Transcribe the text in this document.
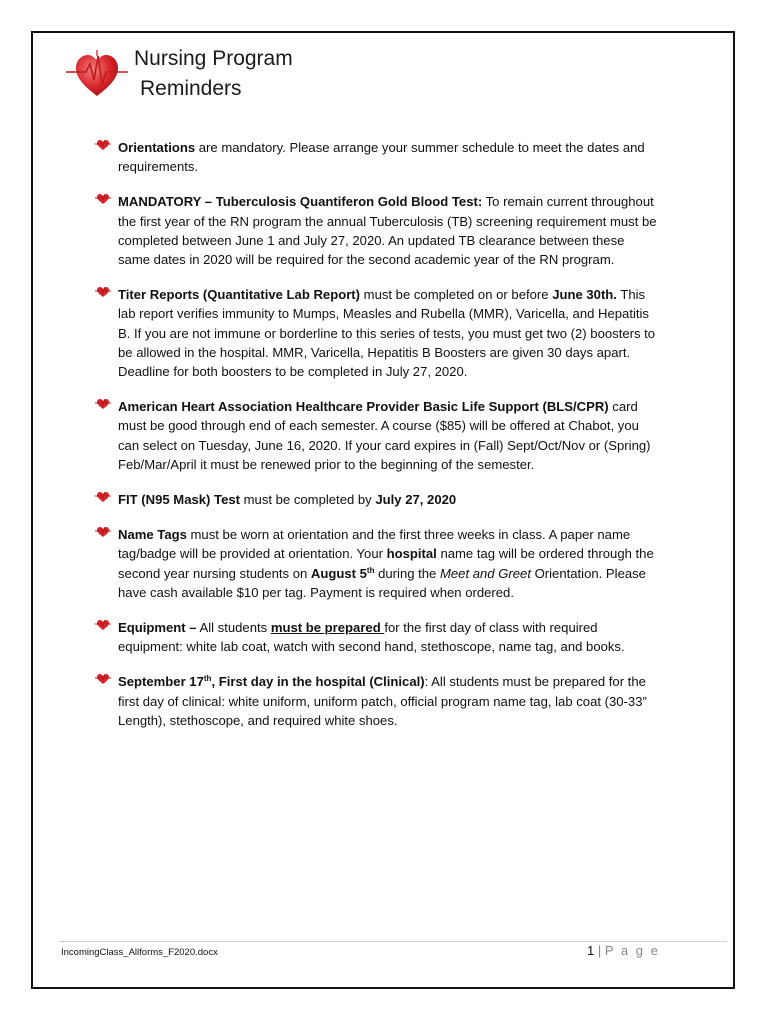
Nursing Program
Reminders
Orientations are mandatory. Please arrange your summer schedule to meet the dates and requirements.
MANDATORY – Tuberculosis Quantiferon Gold Blood Test: To remain current throughout the first year of the RN program the annual Tuberculosis (TB) screening requirement must be completed between June 1 and July 27, 2020. An updated TB clearance between these same dates in 2020 will be required for the second academic year of the RN program.
Titer Reports (Quantitative Lab Report) must be completed on or before June 30th. This lab report verifies immunity to Mumps, Measles and Rubella (MMR), Varicella, and Hepatitis B. If you are not immune or borderline to this series of tests, you must get two (2) boosters to be allowed in the hospital. MMR, Varicella, Hepatitis B Boosters are given 30 days apart. Deadline for both boosters to be completed in July 27, 2020.
American Heart Association Healthcare Provider Basic Life Support (BLS/CPR) card must be good through end of each semester. A course ($85) will be offered at Chabot, you can select on Tuesday, June 16, 2020. If your card expires in (Fall) Sept/Oct/Nov or (Spring) Feb/Mar/April it must be renewed prior to the beginning of the semester.
FIT (N95 Mask) Test must be completed by July 27, 2020
Name Tags must be worn at orientation and the first three weeks in class. A paper name tag/badge will be provided at orientation. Your hospital name tag will be ordered through the second year nursing students on August 5th during the Meet and Greet Orientation. Please have cash available $10 per tag. Payment is required when ordered.
Equipment – All students must be prepared for the first day of class with required equipment: white lab coat, watch with second hand, stethoscope, name tag, and books.
September 17th, First day in the hospital (Clinical): All students must be prepared for the first day of clinical: white uniform, uniform patch, official program name tag, lab coat (30-33” Length), stethoscope, and required white shoes.
IncomingClass_Allforms_F2020.docx	1 | P a g e
